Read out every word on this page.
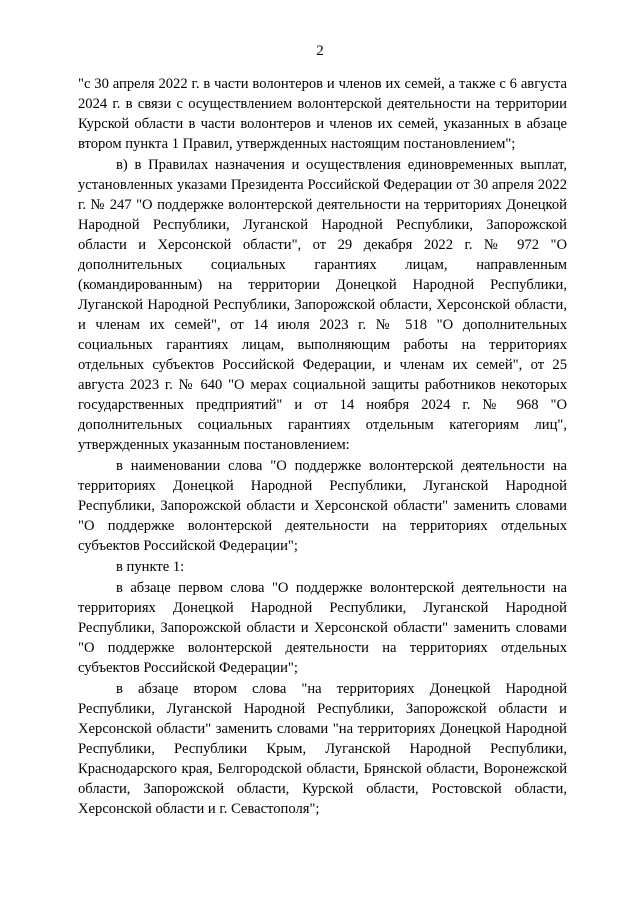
2

"с 30 апреля 2022 г. в части волонтеров и членов их семей, а также с 6 августа 2024 г. в связи с осуществлением волонтерской деятельности на территории Курской области в части волонтеров и членов их семей, указанных в абзаце втором пункта 1 Правил, утвержденных настоящим постановлением";

в) в Правилах назначения и осуществления единовременных выплат, установленных указами Президента Российской Федерации от 30 апреля 2022 г. № 247 "О поддержке волонтерской деятельности на территориях Донецкой Народной Республики, Луганской Народной Республики, Запорожской области и Херсонской области", от 29 декабря 2022 г. № 972 "О дополнительных социальных гарантиях лицам, направленным (командированным) на территории Донецкой Народной Республики, Луганской Народной Республики, Запорожской области, Херсонской области, и членам их семей", от 14 июля 2023 г. № 518 "О дополнительных социальных гарантиях лицам, выполняющим работы на территориях отдельных субъектов Российской Федерации, и членам их семей", от 25 августа 2023 г. № 640 "О мерах социальной защиты работников некоторых государственных предприятий" и от 14 ноября 2024 г. № 968 "О дополнительных социальных гарантиях отдельным категориям лиц", утвержденных указанным постановлением:

в наименовании слова "О поддержке волонтерской деятельности на территориях Донецкой Народной Республики, Луганской Народной Республики, Запорожской области и Херсонской области" заменить словами "О поддержке волонтерской деятельности на территориях отдельных субъектов Российской Федерации";

в пункте 1:

в абзаце первом слова "О поддержке волонтерской деятельности на территориях Донецкой Народной Республики, Луганской Народной Республики, Запорожской области и Херсонской области" заменить словами "О поддержке волонтерской деятельности на территориях отдельных субъектов Российской Федерации";

в абзаце втором слова "на территориях Донецкой Народной Республики, Луганской Народной Республики, Запорожской области и Херсонской области" заменить словами "на территориях Донецкой Народной Республики, Республики Крым, Луганской Народной Республики, Краснодарского края, Белгородской области, Брянской области, Воронежской области, Запорожской области, Курской области, Ростовской области, Херсонской области и г. Севастополя";
